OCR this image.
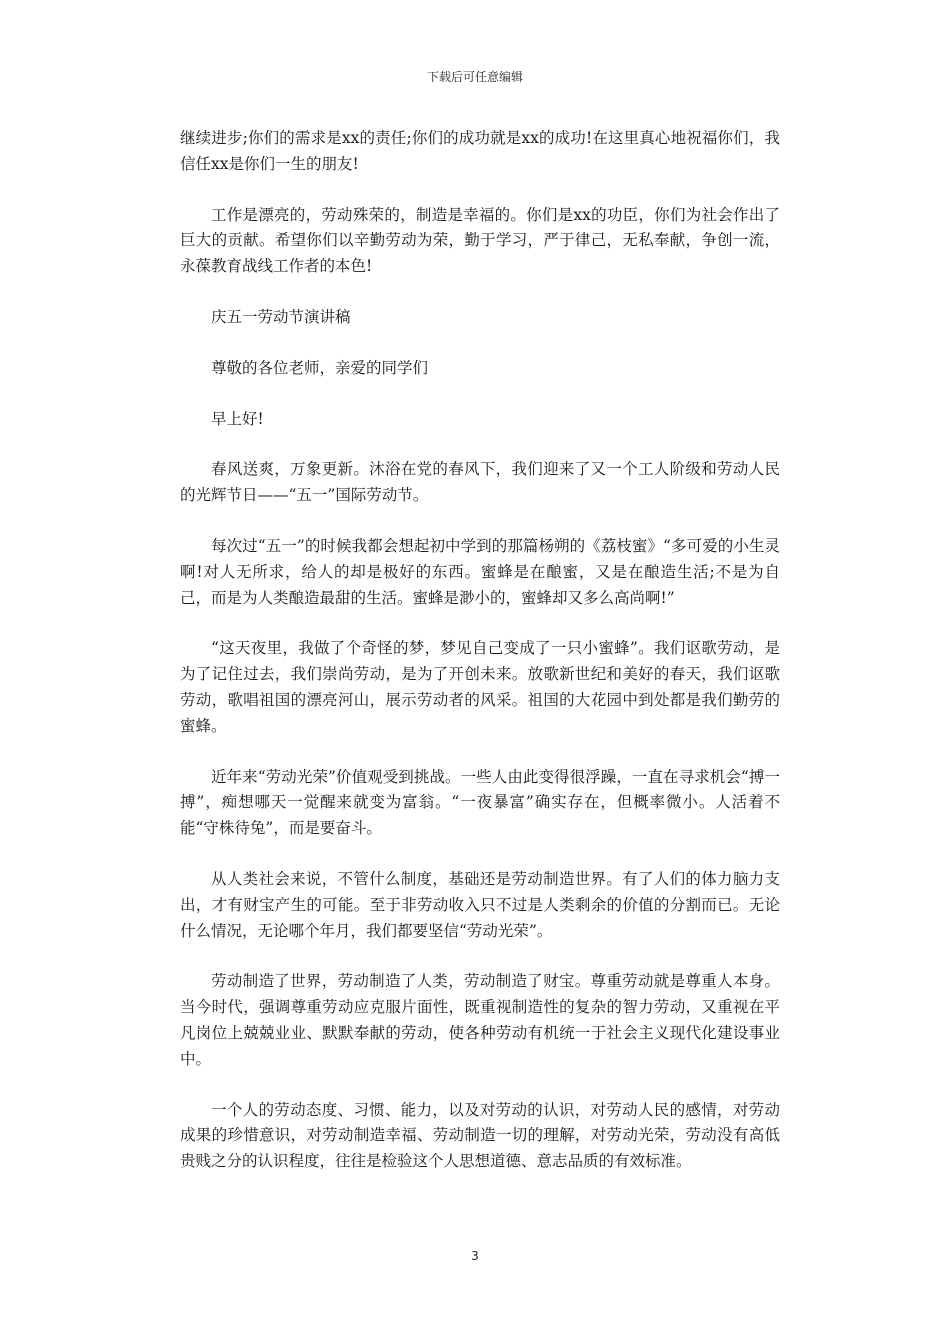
下载后可任意编辑

继续进步;你们的需求是xx的责任;你们的成功就是xx的成功!在这里真心地祝福你们，我信任xx是你们一生的朋友!

工作是漂亮的，劳动殊荣的，制造是幸福的。你们是xx的功臣，你们为社会作出了巨大的贡献。希望你们以辛勤劳动为荣，勤于学习，严于律己，无私奉献，争创一流，永葆教育战线工作者的本色!

庆五一劳动节演讲稿

尊敬的各位老师，亲爱的同学们

早上好!

春风送爽，万象更新。沐浴在党的春风下，我们迎来了又一个工人阶级和劳动人民的光辉节日——“五一”国际劳动节。

每次过“五一”的时候我都会想起初中学到的那篇杨朔的《荔枝蜜》“多可爱的小生灵啊!对人无所求，给人的却是极好的东西。蜜蜂是在酿蜜，又是在酿造生活;不是为自己，而是为人类酿造最甜的生活。蜜蜂是渺小的，蜜蜂却又多么高尚啊!”

“这天夜里，我做了个奇怪的梦，梦见自己变成了一只小蜜蜂”。我们讴歌劳动，是为了记住过去，我们崇尚劳动，是为了开创未来。放歌新世纪和美好的春天，我们讴歌劳动，歌唱祖国的漂亮河山，展示劳动者的风采。祖国的大花园中到处都是我们勤劳的蜜蜂。

近年来“劳动光荣”价值观受到挑战。一些人由此变得很浮躁，一直在寻求机会“搏一搏”，痴想哪天一觉醒来就变为富翁。“一夜暴富”确实存在，但概率微小。人活着不能“守株待兔”，而是要奋斗。

从人类社会来说，不管什么制度，基础还是劳动制造世界。有了人们的体力脑力支出，才有财宝产生的可能。至于非劳动收入只不过是人类剩余的价值的分割而已。无论什么情况，无论哪个年月，我们都要坚信“劳动光荣”。

劳动制造了世界，劳动制造了人类，劳动制造了财宝。尊重劳动就是尊重人本身。当今时代，强调尊重劳动应克服片面性，既重视制造性的复杂的智力劳动，又重视在平凡岗位上兢兢业业、默默奉献的劳动，使各种劳动有机统一于社会主义现代化建设事业中。

一个人的劳动态度、习惯、能力，以及对劳动的认识，对劳动人民的感情，对劳动成果的珍惜意识，对劳动制造幸福、劳动制造一切的理解，对劳动光荣，劳动没有高低贵贱之分的认识程度，往往是检验这个人思想道德、意志品质的有效标准。

3
